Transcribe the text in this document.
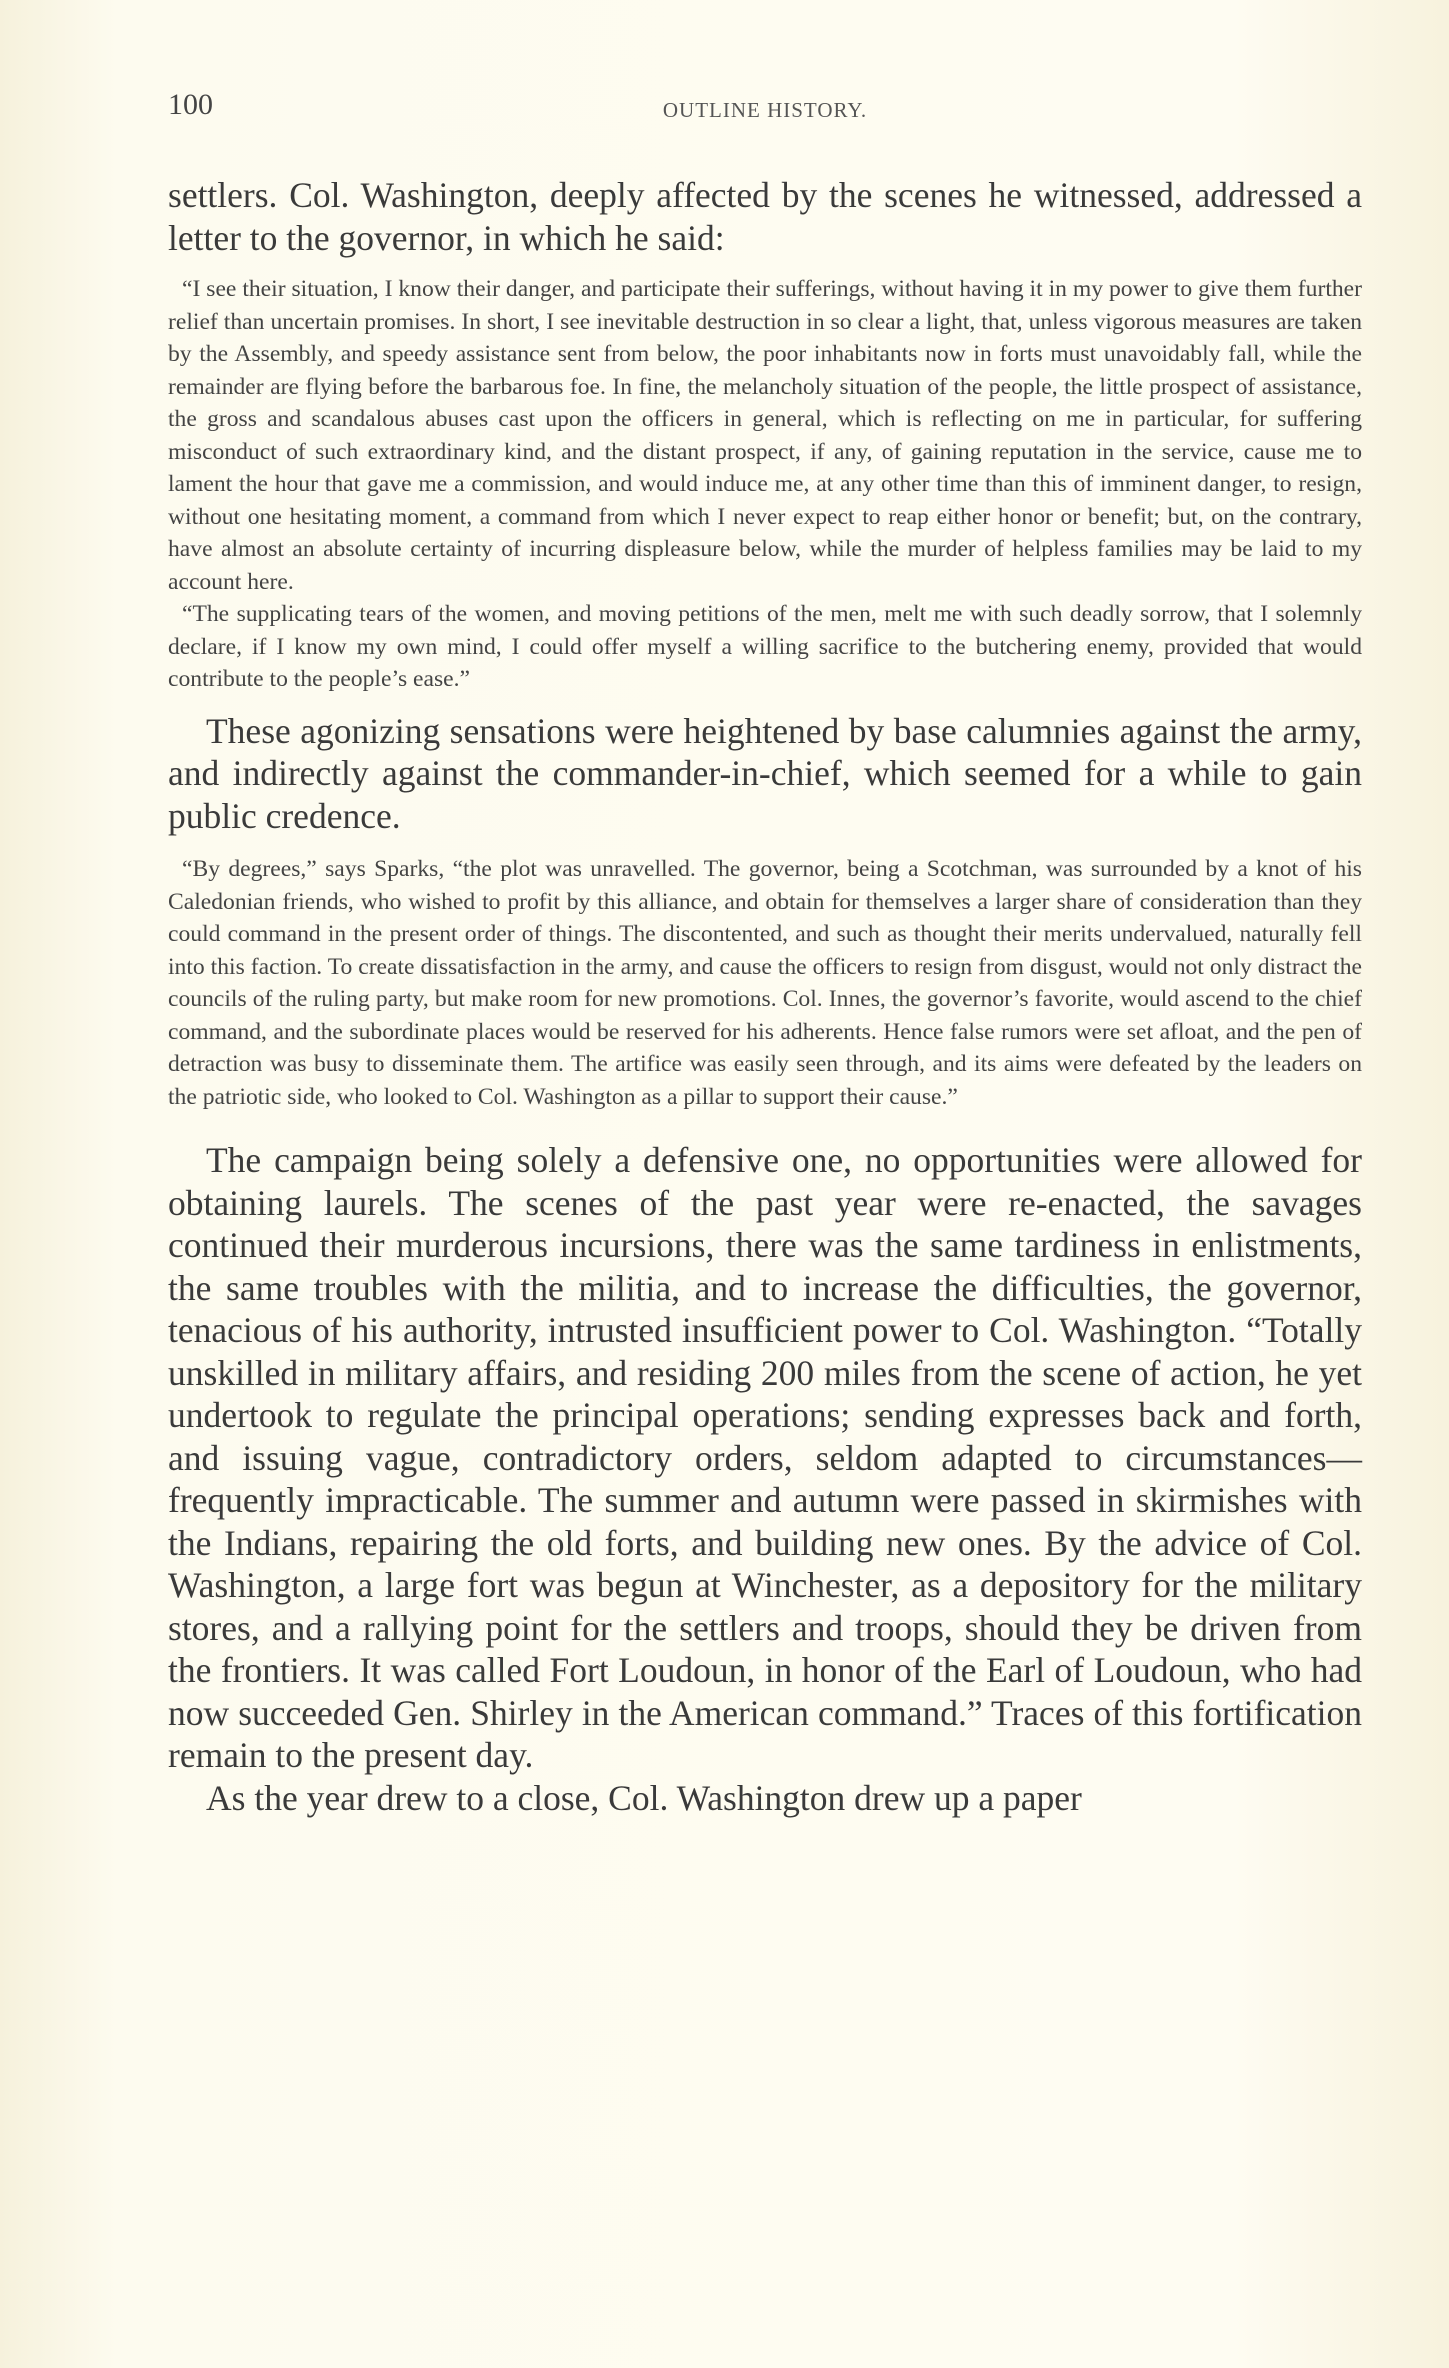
100	OUTLINE HISTORY.

settlers. Col. Washington, deeply affected by the scenes he witnessed, addressed a letter to the governor, in which he said:

“I see their situation, I know their danger, and participate their sufferings, without having it in my power to give them further relief than uncertain promises. In short, I see inevitable destruction in so clear a light, that, unless vigorous measures are taken by the Assembly, and speedy assistance sent from below, the poor inhabitants now in forts must unavoidably fall, while the remainder are flying before the barbarous foe. In fine, the melancholy situation of the people, the little prospect of assistance, the gross and scandalous abuses cast upon the officers in general, which is reflecting on me in particular, for suffering misconduct of such extraordinary kind, and the distant prospect, if any, of gaining reputation in the service, cause me to lament the hour that gave me a commission, and would induce me, at any other time than this of imminent danger, to resign, without one hesitating moment, a command from which I never expect to reap either honor or benefit; but, on the contrary, have almost an absolute certainty of incurring displeasure below, while the murder of helpless families may be laid to my account here.

“The supplicating tears of the women, and moving petitions of the men, melt me with such deadly sorrow, that I solemnly declare, if I know my own mind, I could offer myself a willing sacrifice to the butchering enemy, provided that would contribute to the people’s ease.”

These agonizing sensations were heightened by base calumnies against the army, and indirectly against the commander-in-chief, which seemed for a while to gain public credence.

“By degrees,” says Sparks, “the plot was unravelled. The governor, being a Scotchman, was surrounded by a knot of his Caledonian friends, who wished to profit by this alliance, and obtain for themselves a larger share of consideration than they could command in the present order of things. The discontented, and such as thought their merits undervalued, naturally fell into this faction. To create dissatisfaction in the army, and cause the officers to resign from disgust, would not only distract the councils of the ruling party, but make room for new promotions. Col. Innes, the governor’s favorite, would ascend to the chief command, and the subordinate places would be reserved for his adherents. Hence false rumors were set afloat, and the pen of detraction was busy to disseminate them. The artifice was easily seen through, and its aims were defeated by the leaders on the patriotic side, who looked to Col. Washington as a pillar to support their cause.”

The campaign being solely a defensive one, no opportunities were allowed for obtaining laurels. The scenes of the past year were re-enacted, the savages continued their murderous incursions, there was the same tardiness in enlistments, the same troubles with the militia, and to increase the difficulties, the governor, tenacious of his authority, intrusted insufficient power to Col. Washington. “Totally unskilled in military affairs, and residing 200 miles from the scene of action, he yet undertook to regulate the principal operations; sending expresses back and forth, and issuing vague, contradictory orders, seldom adapted to circumstances—frequently impracticable. The summer and autumn were passed in skirmishes with the Indians, repairing the old forts, and building new ones. By the advice of Col. Washington, a large fort was begun at Winchester, as a depository for the military stores, and a rallying point for the settlers and troops, should they be driven from the frontiers. It was called Fort Loudoun, in honor of the Earl of Loudoun, who had now succeeded Gen. Shirley in the American command.” Traces of this fortification remain to the present day.

As the year drew to a close, Col. Washington drew up a paper
